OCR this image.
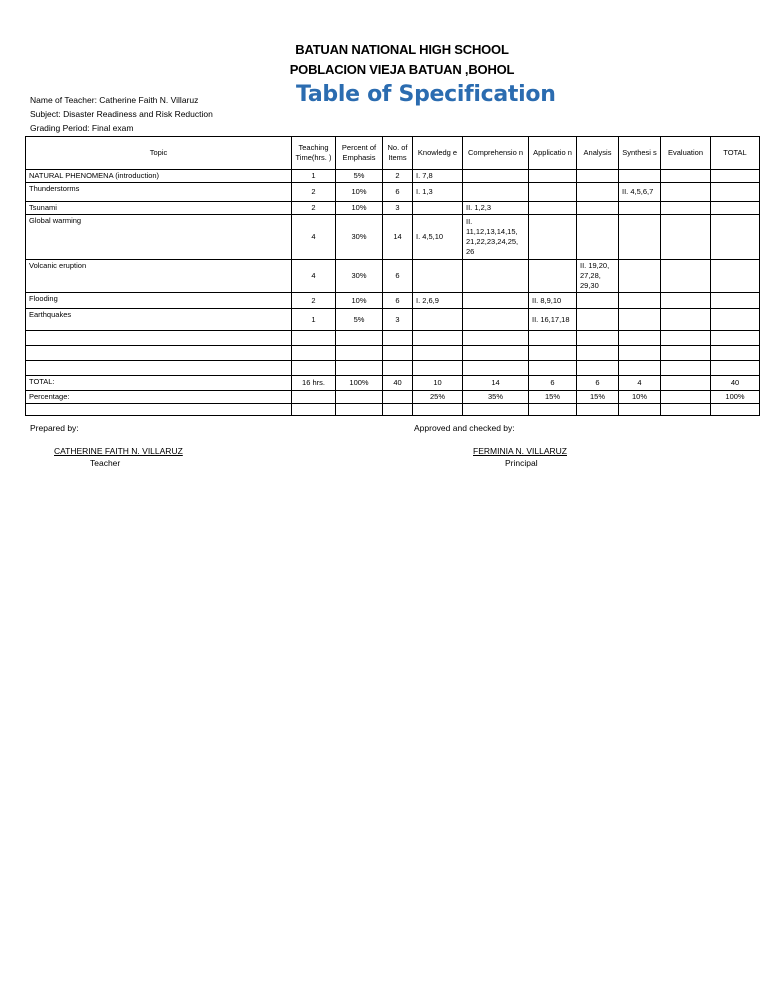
BATUAN NATIONAL HIGH SCHOOL
POBLACION VIEJA BATUAN ,BOHOL
Table of Specification
Name of Teacher: Catherine Faith N. Villaruz
Subject: Disaster Readiness and Risk Reduction
Grading Period: Final exam
Topic	Teaching Time(hrs. )	Percent of Emphasis	No. of Items	Knowledg e	Comprehensio n	Applicatio n	Analysis	Synthesi s	Evaluation	TOTAL
NATURAL PHENOMENA (introduction)	1	5%	2	I. 7,8						
Thunderstorms	2	10%	6	I. 1,3				II. 4,5,6,7		
Tsunami	2	10%	3		II. 1,2,3					
Global warming	4	30%	14	I. 4,5,10	II. 11,12,13,14,15, 21,22,23,24,25, 26					
Volcanic eruption	4	30%	6				II. 19,20, 27,28, 29,30			
Flooding	2	10%	6	I. 2,6,9		II. 8,9,10				
Earthquakes	1	5%	3			II. 16,17,18				

TOTAL:	16 hrs.	100%	40	10	14	6	6	4		40
Percentage:				25%	35%	15%	15%	10%		100%

Prepared by:	Approved and checked by:
CATHERINE FAITH N. VILLARUZ
Teacher
FERMINIA N. VILLARUZ
Principal
